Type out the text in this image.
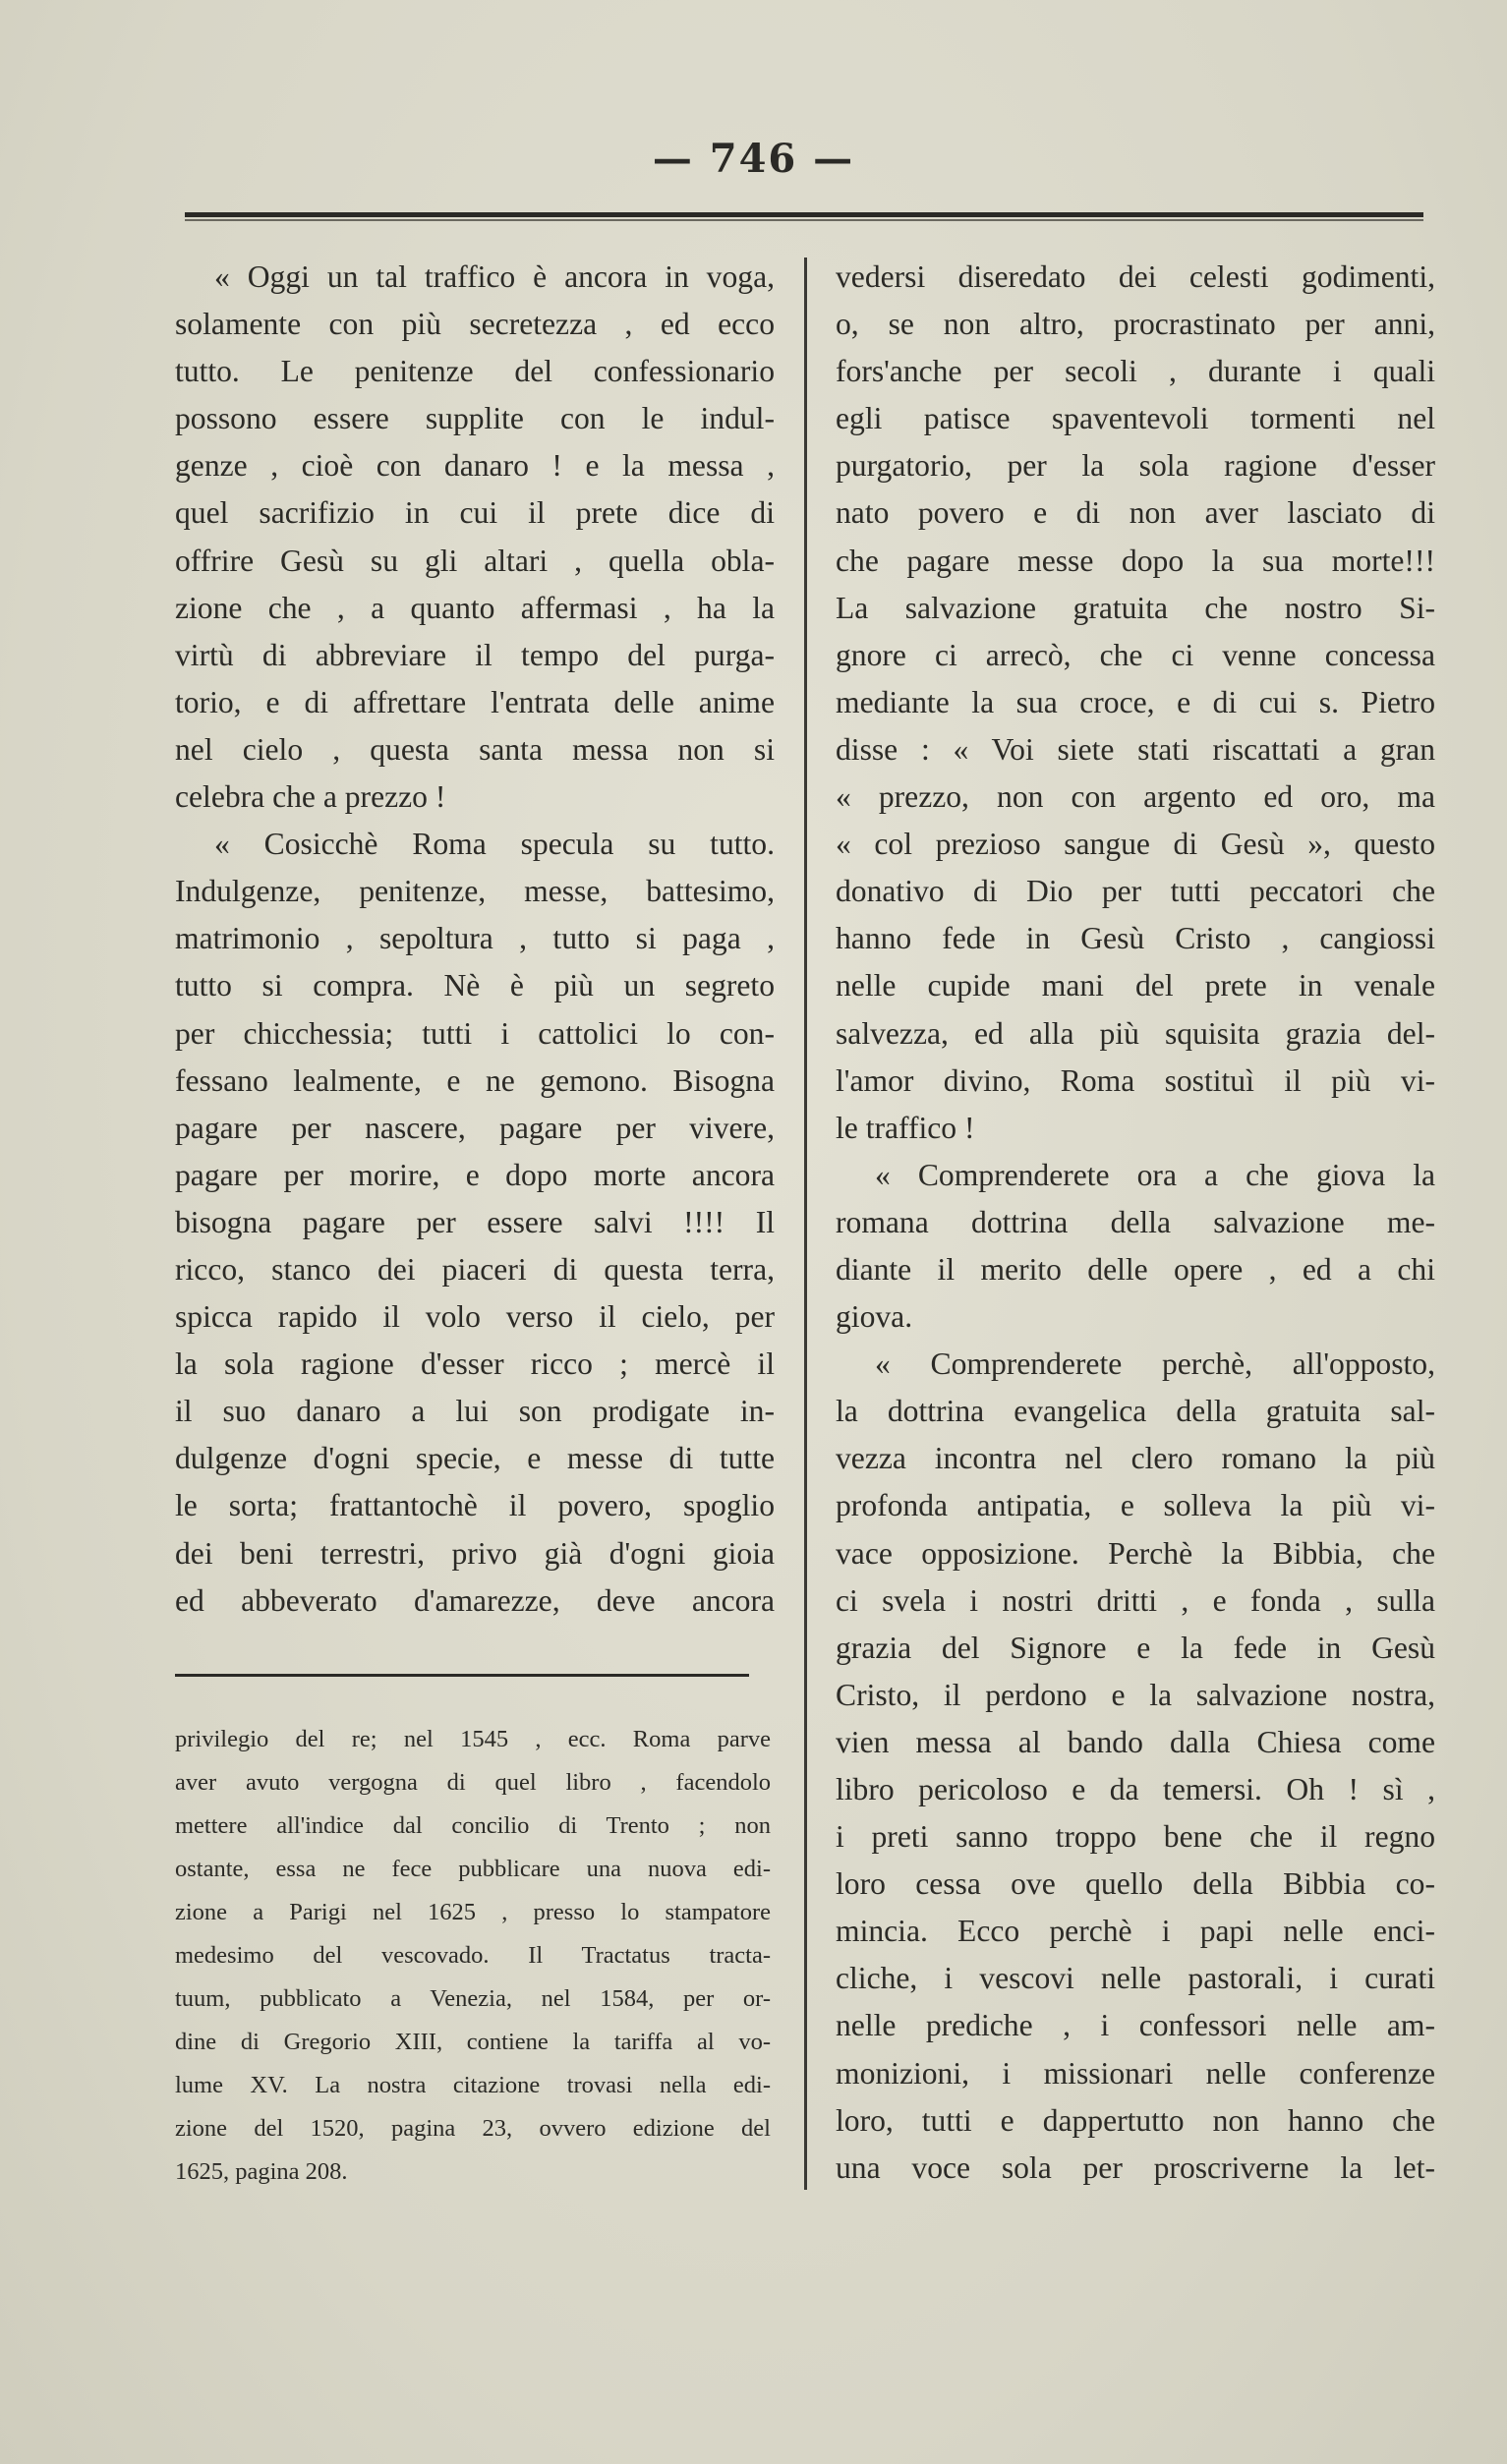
— 746 —
« Oggi un tal traffico è ancora in voga,
solamente con più secretezza , ed ecco
tutto. Le penitenze del confessionario
possono essere supplite con le indul-
genze , cioè con danaro ! e la messa ,
quel sacrifizio in cui il prete dice di
offrire Gesù su gli altari , quella obla-
zione che , a quanto affermasi , ha la
virtù di abbreviare il tempo del purga-
torio, e di affrettare l'entrata delle anime
nel cielo , questa santa messa non si
celebra che a prezzo !
« Cosicchè Roma specula su tutto.
Indulgenze, penitenze, messe, battesimo,
matrimonio , sepoltura , tutto si paga ,
tutto si compra. Nè è più un segreto
per chicchessia; tutti i cattolici lo con-
fessano lealmente, e ne gemono. Bisogna
pagare per nascere, pagare per vivere,
pagare per morire, e dopo morte ancora
bisogna pagare per essere salvi !!!! Il
ricco, stanco dei piaceri di questa terra,
spicca rapido il volo verso il cielo, per
la sola ragione d'esser ricco ; mercè il
il suo danaro a lui son prodigate in-
dulgenze d'ogni specie, e messe di tutte
le sorta; frattantochè il povero, spoglio
dei beni terrestri, privo già d'ogni gioia
ed abbeverato d'amarezze, deve ancora
privilegio del re; nel 1545 , ecc. Roma parve
aver avuto vergogna di quel libro , facendolo
mettere all'indice dal concilio di Trento ; non
ostante, essa ne fece pubblicare una nuova edi-
zione a Parigi nel 1625 , presso lo stampatore
medesimo del vescovado. Il Tractatus tracta-
tuum, pubblicato a Venezia, nel 1584, per or-
dine di Gregorio XIII, contiene la tariffa al vo-
lume XV. La nostra citazione trovasi nella edi-
zione del 1520, pagina 23, ovvero edizione del
1625, pagina 208.
vedersi diseredato dei celesti godimenti,
o, se non altro, procrastinato per anni,
fors'anche per secoli , durante i quali
egli patisce spaventevoli tormenti nel
purgatorio, per la sola ragione d'esser
nato povero e di non aver lasciato di
che pagare messe dopo la sua morte!!!
La salvazione gratuita che nostro Si-
gnore ci arrecò, che ci venne concessa
mediante la sua croce, e di cui s. Pietro
disse : « Voi siete stati riscattati a gran
« prezzo, non con argento ed oro, ma
« col prezioso sangue di Gesù », questo
donativo di Dio per tutti peccatori che
hanno fede in Gesù Cristo , cangiossi
nelle cupide mani del prete in venale
salvezza, ed alla più squisita grazia del-
l'amor divino, Roma sostituì il più vi-
le traffico !
« Comprenderete ora a che giova la
romana dottrina della salvazione me-
diante il merito delle opere , ed a chi
giova.
« Comprenderete perchè, all'opposto,
la dottrina evangelica della gratuita sal-
vezza incontra nel clero romano la più
profonda antipatia, e solleva la più vi-
vace opposizione. Perchè la Bibbia, che
ci svela i nostri dritti , e fonda , sulla
grazia del Signore e la fede in Gesù
Cristo, il perdono e la salvazione nostra,
vien messa al bando dalla Chiesa come
libro pericoloso e da temersi. Oh ! sì ,
i preti sanno troppo bene che il regno
loro cessa ove quello della Bibbia co-
mincia. Ecco perchè i papi nelle enci-
cliche, i vescovi nelle pastorali, i curati
nelle prediche , i confessori nelle am-
monizioni, i missionari nelle conferenze
loro, tutti e dappertutto non hanno che
una voce sola per proscriverne la let-
